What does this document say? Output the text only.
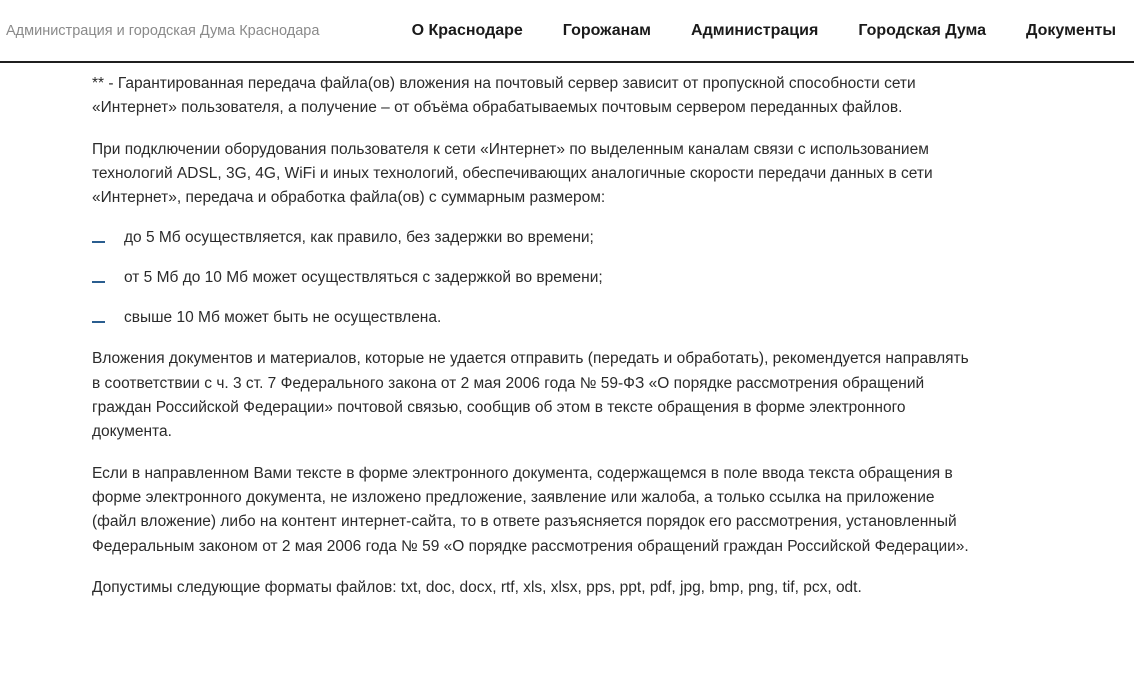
Администрация и городская Дума Краснодара	О Краснодаре	Горожанам	Администрация	Городская Дума	Документы

** - Гарантированная передача файла(ов) вложения на почтовый сервер зависит от пропускной способности сети «Интернет» пользователя, а получение – от объёма обрабатываемых почтовым сервером переданных файлов.

При подключении оборудования пользователя к сети «Интернет» по выделенным каналам связи с использованием технологий ADSL, 3G, 4G, WiFi и иных технологий, обеспечивающих аналогичные скорости передачи данных в сети «Интернет», передача и обработка файла(ов) с суммарным размером:

до 5 Мб осуществляется, как правило, без задержки во времени;
от 5 Мб до 10 Мб может осуществляться с задержкой во времени;
свыше 10 Мб может быть не осуществлена.

Вложения документов и материалов, которые не удается отправить (передать и обработать), рекомендуется направлять в соответствии с ч. 3 ст. 7 Федерального закона от 2 мая 2006 года № 59-ФЗ «О порядке рассмотрения обращений граждан Российской Федерации» почтовой связью, сообщив об этом в тексте обращения в форме электронного документа.

Если в направленном Вами тексте в форме электронного документа, содержащемся в поле ввода текста обращения в форме электронного документа, не изложено предложение, заявление или жалоба, а только ссылка на приложение (файл вложение) либо на контент интернет-сайта, то в ответе разъясняется порядок его рассмотрения, установленный Федеральным законом от 2 мая 2006 года № 59 «О порядке рассмотрения обращений граждан Российской Федерации».

Допустимы следующие форматы файлов: txt, doc, docx, rtf, xls, xlsx, pps, ppt, pdf, jpg, bmp, png, tif, pcx, odt.
